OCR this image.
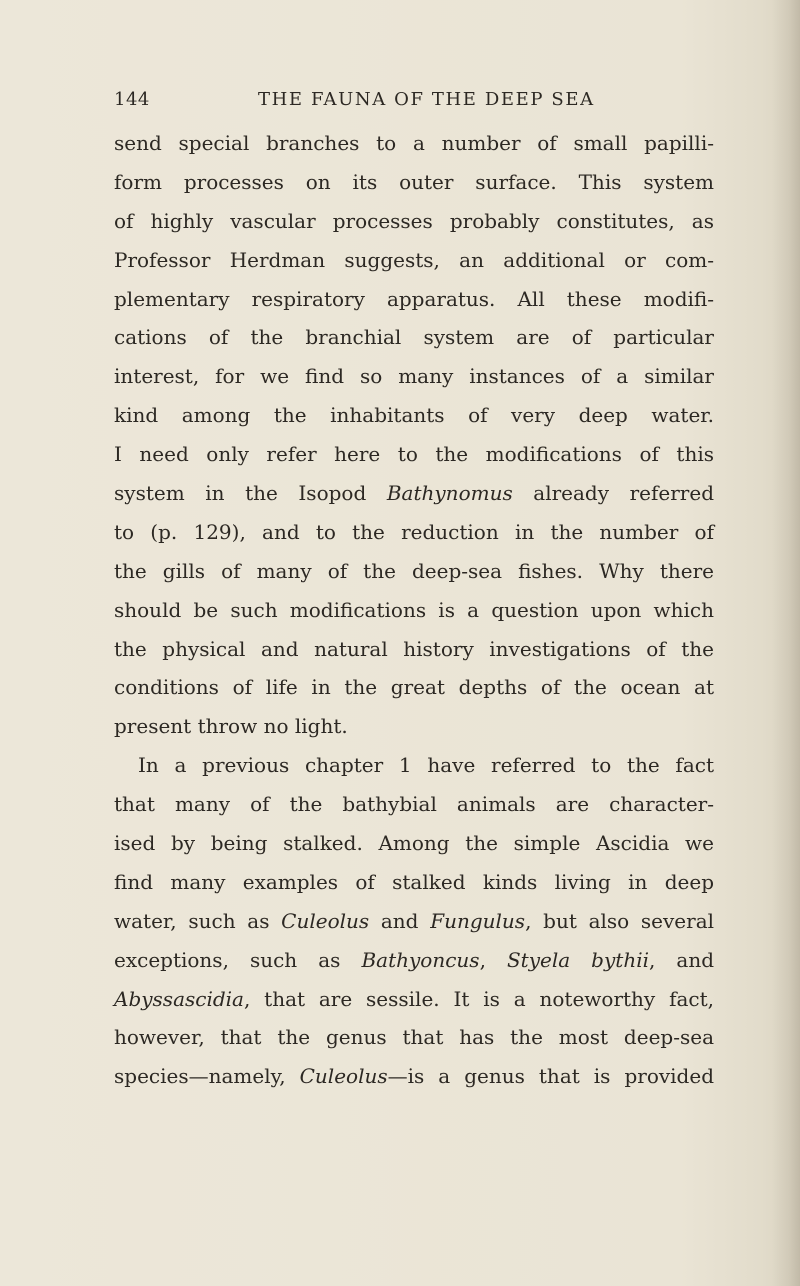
144	THE FAUNA OF THE DEEP SEA
send special branches to a number of small papilli-
form processes on its outer surface. This system
of highly vascular processes probably constitutes, as
Professor Herdman suggests, an additional or com-
plementary respiratory apparatus. All these modifi-
cations of the branchial system are of particular
interest, for we find so many instances of a similar
kind among the inhabitants of very deep water.
I need only refer here to the modifications of this
system in the Isopod Bathynomus already referred
to (p. 129), and to the reduction in the number of
the gills of many of the deep-sea fishes. Why there
should be such modifications is a question upon which
the physical and natural history investigations of the
conditions of life in the great depths of the ocean at
present throw no light.
In a previous chapter 1 have referred to the fact
that many of the bathybial animals are character-
ised by being stalked. Among the simple Ascidia we
find many examples of stalked kinds living in deep
water, such as Culeolus and Fungulus, but also several
exceptions, such as Bathyoncus, Styela bythii, and
Abyssascidia, that are sessile. It is a noteworthy fact,
however, that the genus that has the most deep-sea
species—namely, Culeolus—is a genus that is provided
